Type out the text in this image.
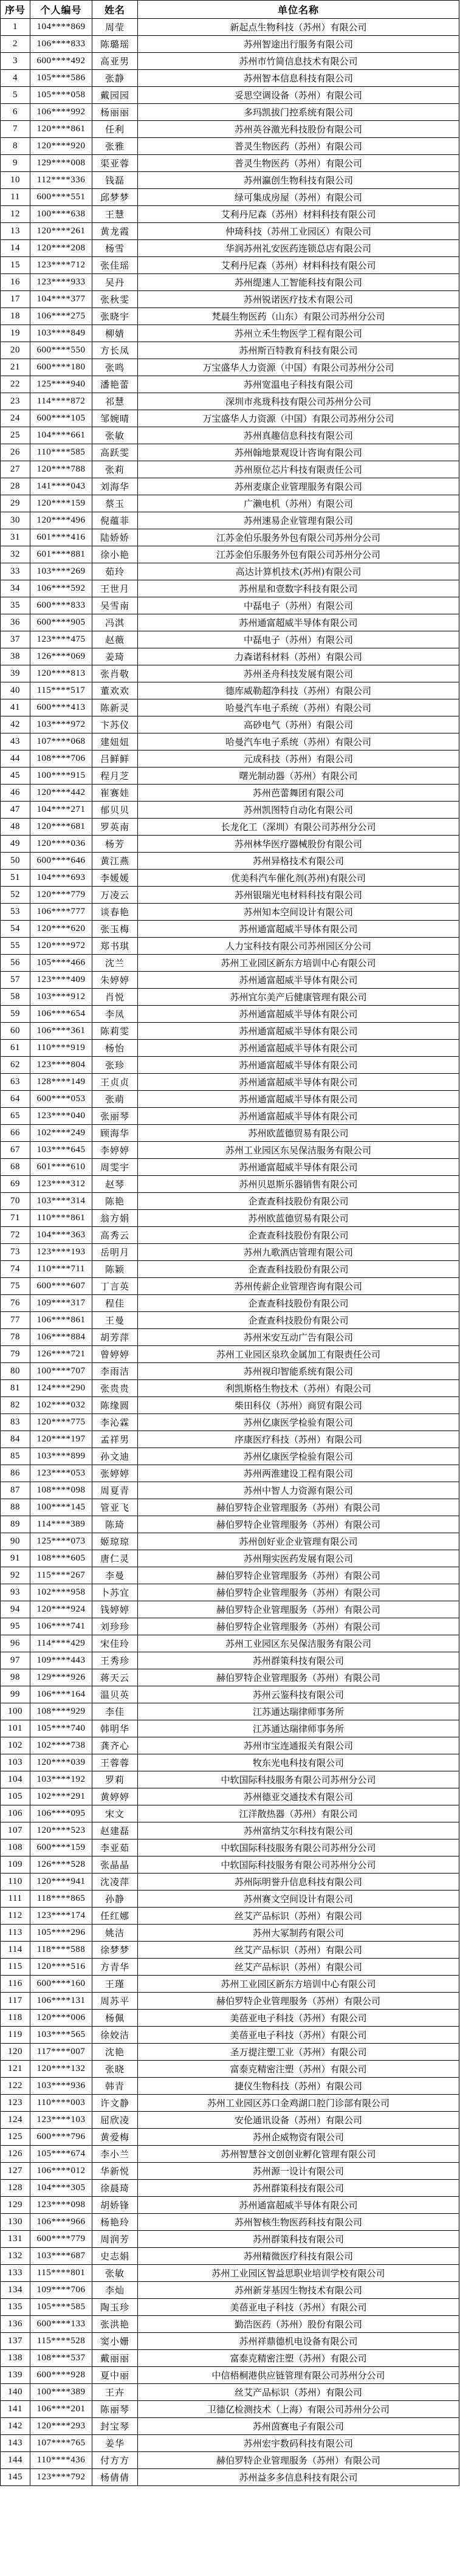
序号	个人编号	姓名	单位名称
1	104****869	周莹	新起点生物科技（苏州）有限公司
2	106****833	陈璐瑶	苏州智途出行服务有限公司
3	600****492	高亚男	苏州市竹简信息技术有限公司
4	105****586	张静	苏州智本信息科技有限公司
5	105****058	戴园园	妥思空调设备（苏州）有限公司
6	106****992	杨丽丽	多玛凯拔门控系统有限公司
7	120****861	任利	苏州英谷激光科技股份有限公司
8	120****920	张雅	普灵生物医药（苏州）有限公司
9	129****008	渠亚蓉	普灵生物医药（苏州）有限公司
10	112****336	钱磊	苏州瀛创生物科技有限公司
11	600****551	邱梦梦	绿可集成房屋（苏州）有限公司
12	100****638	王慧	艾利丹尼森（苏州）材料科技有限公司
13	120****261	黄龙霞	仲琦科技（苏州工业园区）有限公司
14	120****208	杨雪	华润苏州礼安医药连锁总店有限公司
15	123****712	张佳瑶	艾利丹尼森（苏州）材料科技有限公司
16	123****933	吴丹	苏州缇速人工智能科技有限公司
17	104****377	张秋雯	苏州锐诺医疗技术有限公司
18	106****275	张晓宇	梵晨生物医药（山东）有限公司苏州分公司
19	103****849	柳婧	苏州立禾生物医学工程有限公司
20	600****550	方长凤	苏州斯百特教育科技有限公司
21	600****180	张鸣	万宝盛华人力资源（中国）有限公司苏州分公司
22	125****940	潘艳蕾	苏州宽温电子科技有限公司
23	114****872	祁慧	深圳市兆珑科技有限公司苏州分公司
24	600****105	邹婉晴	万宝盛华人力资源（中国）有限公司苏州分公司
25	104****661	张敏	苏州真趣信息科技有限公司
26	110****585	高跃雯	苏州翰地景观设计咨询有限公司
27	120****788	张莉	苏州原位芯片科技有限责任公司
28	141****043	刘海华	苏州麦康企业管理服务有限公司
29	120****159	蔡玉	广濑电机（苏州）有限公司
30	120****496	倪蕴菲	苏州速易企业管理有限公司
31	601****416	陆娇娇	江苏金伯乐服务外包有限公司苏州分公司
32	601****881	徐小艳	江苏金伯乐服务外包有限公司苏州分公司
33	103****269	茹玲	高达计算机技术(苏州)有限公司
34	106****592	王世月	苏州星和壹数字科技有限公司
35	600****833	吴雪南	中磊电子（苏州）有限公司
36	600****905	冯淇	苏州通富超威半导体有限公司
37	123****475	赵薇	中磊电子（苏州）有限公司
38	126****069	姜琦	力森诺科材料（苏州）有限公司
39	120****813	张肖敬	苏州圣舟科技发展有限公司
40	115****517	董欢欢	德库威勒超净科技（苏州）有限公司
41	600****413	陈新灵	哈曼汽车电子系统（苏州）有限公司
42	103****972	卞苏仪	高砂电气（苏州）有限公司
43	107****068	建妞妞	哈曼汽车电子系统（苏州）有限公司
44	108****706	吕鲜鲜	元成科技（苏州）有限公司
45	100****915	程月芝	曙光制动器（苏州）有限公司
46	120****442	崔赛娃	苏州芭蕾舞团有限公司
47	104****271	郁贝贝	苏州凯图特自动化有限公司
48	120****681	罗英南	长龙化工（深圳）有限公司苏州分公司
49	120****036	杨芳	苏州林华医疗器械股份有限公司
50	600****646	黄江燕	苏州异格技术有限公司
51	104****693	李媛媛	优美科汽车催化剂(苏州)有限公司
52	120****779	万凌云	苏州银瑞光电材料科技有限公司
53	106****777	谈春艳	苏州知本空间设计有限公司
54	120****620	张玉梅	苏州通富超威半导体有限公司
55	120****972	郑书琪	人力宝科技有限公司苏州园区分公司
56	105****466	沈兰	苏州工业园区新东方培训中心有限公司
57	123****409	朱婷婷	苏州通富超威半导体有限公司
58	103****912	肖悦	苏州宜尔美产后健康管理有限公司
59	106****654	李凤	苏州通富超威半导体有限公司
60	106****361	陈莉雯	苏州通富超威半导体有限公司
61	110****919	杨怡	苏州通富超威半导体有限公司
62	123****804	张珍	苏州通富超威半导体有限公司
63	128****149	王贞贞	苏州通富超威半导体有限公司
64	600****053	张萌	苏州通富超威半导体有限公司
65	123****040	张丽琴	苏州通富超威半导体有限公司
66	102****249	顾海华	苏州欧蓝德贸易有限公司
67	103****645	李婷婷	苏州工业园区东吴保洁服务有限公司
68	601****610	周雯宇	苏州通富超威半导体有限公司
69	123****312	赵琴	苏州贝恩斯乐器销售有限公司
70	103****314	陈艳	企查查科技股份有限公司
71	110****861	翁方娟	苏州欧蓝德贸易有限公司
72	104****363	高秀云	企查查科技股份有限公司
73	123****193	岳明月	苏州九歌酒店管理有限公司
74	110****711	陈颖	企查查科技股份有限公司
75	600****607	丁言英	苏州传薪企业管理咨询有限公司
76	109****317	程佳	企查查科技股份有限公司
77	106****861	王曼	企查查科技股份有限公司
78	106****884	胡芳萍	苏州米安互动广告有限公司
79	126****721	曾婷婷	苏州工业园区泉玖金属加工有限责任公司
80	100****707	李雨洁	苏州视印智能系统有限公司
81	124****290	张贵贵	利凯斯格生物技术（苏州）有限公司
82	102****032	陈缘圆	柴田科仪（苏州）商贸有限公司
83	120****775	李沁霖	苏州亿康医学检验有限公司
84	120****197	孟祥男	序康医疗科技（苏州）有限公司
85	103****899	孙文迪	苏州亿康医学检验有限公司
86	123****053	张婷婷	苏州两淮建设工程有限公司
87	108****098	周夏青	苏州中智人力资源有限公司
88	100****145	管亚飞	赫伯罗特企业管理服务（苏州）有限公司
89	114****389	陈琦	赫伯罗特企业管理服务（苏州）有限公司
90	125****073	姬琼琼	苏州创好业企业管理有限公司
91	108****605	唐仁灵	苏州翔实医药发展有限公司
92	115****267	李曼	赫伯罗特企业管理服务（苏州）有限公司
93	102****958	卜苏宜	赫伯罗特企业管理服务（苏州）有限公司
94	120****924	钱婷婷	赫伯罗特企业管理服务（苏州）有限公司
95	106****741	刘珍珍	赫伯罗特企业管理服务（苏州）有限公司
96	114****429	宋佳玲	苏州工业园区东吴保洁服务有限公司
97	109****443	王秀珍	苏州群策科技有限公司
98	129****926	蒋天云	赫伯罗特企业管理服务（苏州）有限公司
99	106****164	温贝英	苏州云鉴科技有限公司
100	108****929	李佳	江苏通达瑞律师事务所
101	105****740	韩明华	江苏通达瑞律师事务所
102	102****738	龚齐心	苏州市宝连通报关有限公司
103	120****039	王蓉蓉	牧东光电科技有限公司
104	103****192	罗莉	中软国际科技服务有限公司苏州分公司
105	102****291	黄婷婷	苏州德亚交通技术有限公司
106	106****095	宋文	江洋散热器（苏州）有限公司
107	120****523	赵建磊	苏州富纳艾尔科技有限公司
108	600****159	李亚茹	中软国际科技服务有限公司苏州分公司
109	126****528	张晶晶	中软国际科技服务有限公司苏州分公司
110	120****941	沈凌萍	苏州际明誉升信息科技有限公司
111	118****865	孙静	苏州赛文空间设计有限公司
112	123****174	任红娜	丝艾产品标识（苏州）有限公司
113	105****296	姚洁	苏州大冢制药有限公司
114	118****588	徐梦梦	丝艾产品标识（苏州）有限公司
115	120****516	方青华	丝艾产品标识（苏州）有限公司
116	600****160	王瑾	苏州工业园区新东方培训中心有限公司
117	106****131	周苏平	赫伯罗特企业管理服务（苏州）有限公司
118	120****006	杨佩	美蓓亚电子科技（苏州）有限公司
119	103****565	徐姣洁	美蓓亚电子科技（苏州）有限公司
120	117****007	沈艳	圣万提注塑工业（苏州）有限公司
121	120****132	张晓	富泰克精密注塑（苏州）有限公司
122	103****936	韩青	捷仪生物科技（苏州）有限公司
123	110****003	许文静	苏州工业园区苏口金鸡湖口腔门诊部有限公司
124	123****103	屈欣凌	安伦通讯设备（苏州）有限公司
125	600****796	黄爱梅	苏州企威物资有限公司
126	105****674	李小兰	苏州智慧谷文创创业孵化管理有限公司
127	106****012	华新悦	苏州源一设计有限公司
128	104****305	徐晨琦	苏州群策科技有限公司
129	123****098	胡娇锋	苏州通富超威半导体有限公司
130	106****966	杨艳玲	苏州智核生物医药科技有限公司
131	600****779	周润芳	苏州群策科技有限公司
132	103****687	史志娟	苏州精微医疗科技有限公司
133	115****801	张敏	苏州工业园区智益思职业培训学校有限公司
134	109****706	李灿	苏州新芽基因生物技术有限公司
135	105****585	陶玉珍	美蓓亚电子科技（苏州）有限公司
136	600****133	张洪艳	勤浩医药（苏州）股份有限公司
137	115****528	窦小姗	苏州祥鼎德机电设备有限公司
138	108****537	戴丽丽	富泰克精密注塑（苏州）有限公司
139	600****928	夏中丽	中信梧桐港供应链管理有限公司苏州分公司
140	100****389	王卉	丝艾产品标识（苏州）有限公司
141	106****201	陈丽琴	卫德亿检测技术（上海）有限公司苏州分公司
142	120****293	封宝琴	苏州茵赛电子有限公司
143	107****765	姜华	苏州宏宇数码科技有限公司
144	110****436	付方方	赫伯罗特企业管理服务（苏州）有限公司
145	123****792	杨倩倩	苏州益多多信息科技有限公司
